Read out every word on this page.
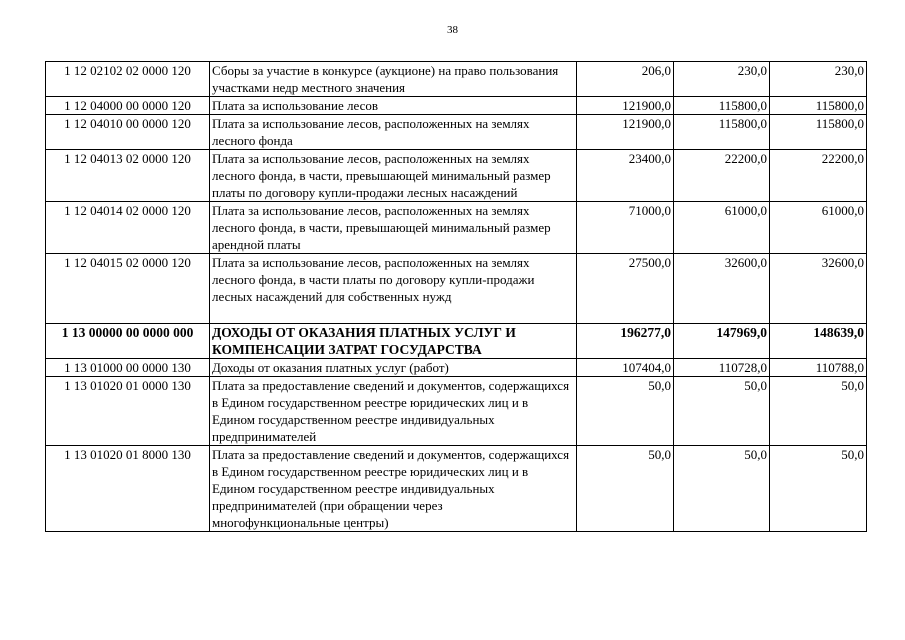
38
1 12 02102 02 0000 120	Сборы за участие в конкурсе (аукционе) на право пользования участками недр местного значения	206,0	230,0	230,0
1 12 04000 00 0000 120	Плата за использование лесов	121900,0	115800,0	115800,0
1 12 04010 00 0000 120	Плата за использование лесов, расположенных на землях лесного фонда	121900,0	115800,0	115800,0
1 12 04013 02 0000 120	Плата за использование лесов, расположенных на землях лесного фонда, в части, превышающей минимальный размер платы по договору купли-продажи лесных насаждений	23400,0	22200,0	22200,0
1 12 04014 02 0000 120	Плата за использование лесов, расположенных на землях лесного фонда, в части, превышающей минимальный размер арендной платы	71000,0	61000,0	61000,0
1 12 04015 02 0000 120	Плата за использование лесов, расположенных на землях лесного фонда, в части платы по договору купли-продажи лесных насаждений для собственных нужд	27500,0	32600,0	32600,0
1 13 00000 00 0000 000	ДОХОДЫ ОТ ОКАЗАНИЯ ПЛАТНЫХ УСЛУГ И КОМПЕНСАЦИИ ЗАТРАТ ГОСУДАРСТВА	196277,0	147969,0	148639,0
1 13 01000 00 0000 130	Доходы от оказания платных услуг (работ)	107404,0	110728,0	110788,0
1 13 01020 01 0000 130	Плата за предоставление сведений и документов, содержащихся в Едином государственном реестре юридических лиц и в Едином государственном реестре индивидуальных предпринимателей	50,0	50,0	50,0
1 13 01020 01 8000 130	Плата за предоставление сведений и документов, содержащихся в Едином государственном реестре юридических лиц и в Едином государственном реестре индивидуальных предпринимателей (при обращении через многофункциональные центры)	50,0	50,0	50,0
